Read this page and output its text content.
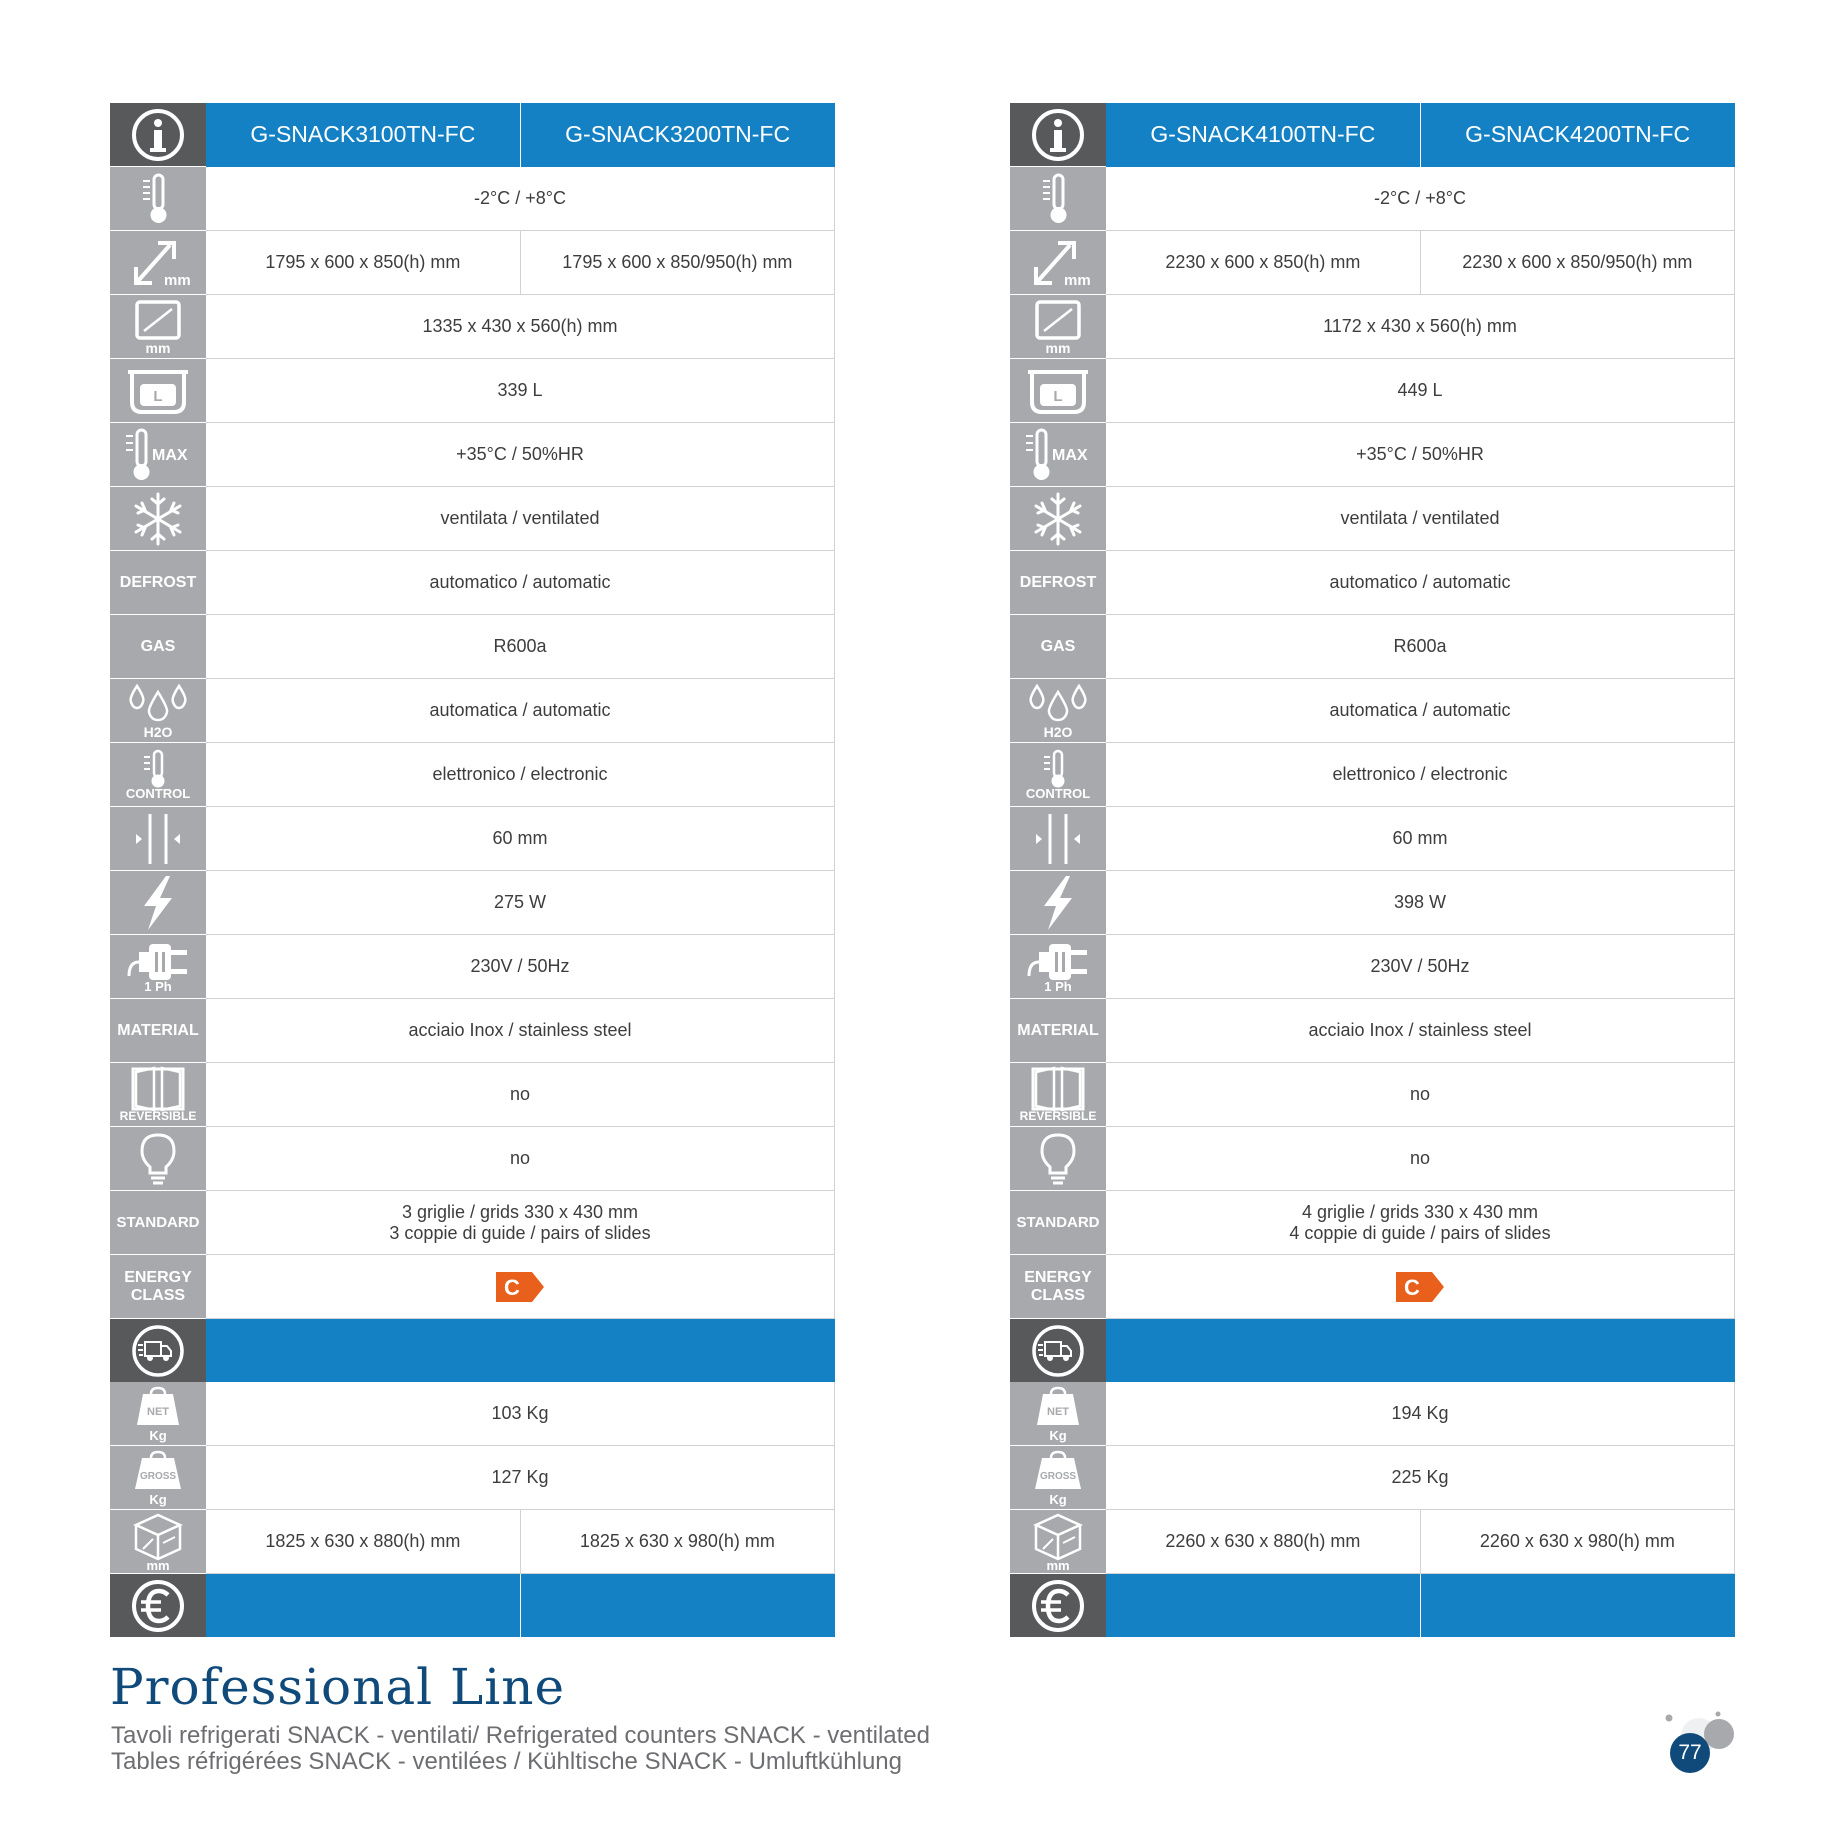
	G-SNACK3100TN-FC	G-SNACK3200TN-FC

	-2°C / +8°C	

mm	1795 x 600 x 850(h) mm	1795 x 600 x 850/950(h) mm

mm	1335 x 430 x 560(h) mm	

L	339 L	

MAX	+35°C / 50%HR	

	ventilata / ventilated	

DEFROST	automatico / automatic	

GAS	R600a	

H2O	automatica / automatic	

CONTROL	elettronico / electronic	

	60 mm	

	275 W	

1 Ph	230V / 50Hz	

MATERIAL	acciaio Inox / stainless steel	

REVERSIBLE	no	

	no	

STANDARD	3 griglie / grids 330 x 430 mm
3 coppie di guide / pairs of slides	

ENERGY
CLASS	C	

NET
Kg	103 Kg	

GROSS
Kg	127 Kg	

mm	1825 x 630 x 880(h) mm	1825 x 630 x 980(h) mm

	G-SNACK4100TN-FC	G-SNACK4200TN-FC

	-2°C / +8°C	

mm	2230 x 600 x 850(h) mm	2230 x 600 x 850/950(h) mm

mm	1172 x 430 x 560(h) mm	

L	449 L	

MAX	+35°C / 50%HR	

	ventilata / ventilated	

DEFROST	automatico / automatic	

GAS	R600a	

H2O	automatica / automatic	

CONTROL	elettronico / electronic	

	60 mm	

	398 W	

1 Ph	230V / 50Hz	

MATERIAL	acciaio Inox / stainless steel	

REVERSIBLE	no	

	no	

STANDARD	4 griglie / grids 330 x 430 mm
4 coppie di guide / pairs of slides	

ENERGY
CLASS	C	

NET
Kg	194 Kg	

GROSS
Kg	225 Kg	

mm	2260 x 630 x 880(h) mm	2260 x 630 x 980(h) mm

Professional Line
Tavoli refrigerati SNACK - ventilati/ Refrigerated counters SNACK - ventilated
Tables réfrigérées SNACK - ventilées / Kühltische SNACK - Umluftkühlung	77
